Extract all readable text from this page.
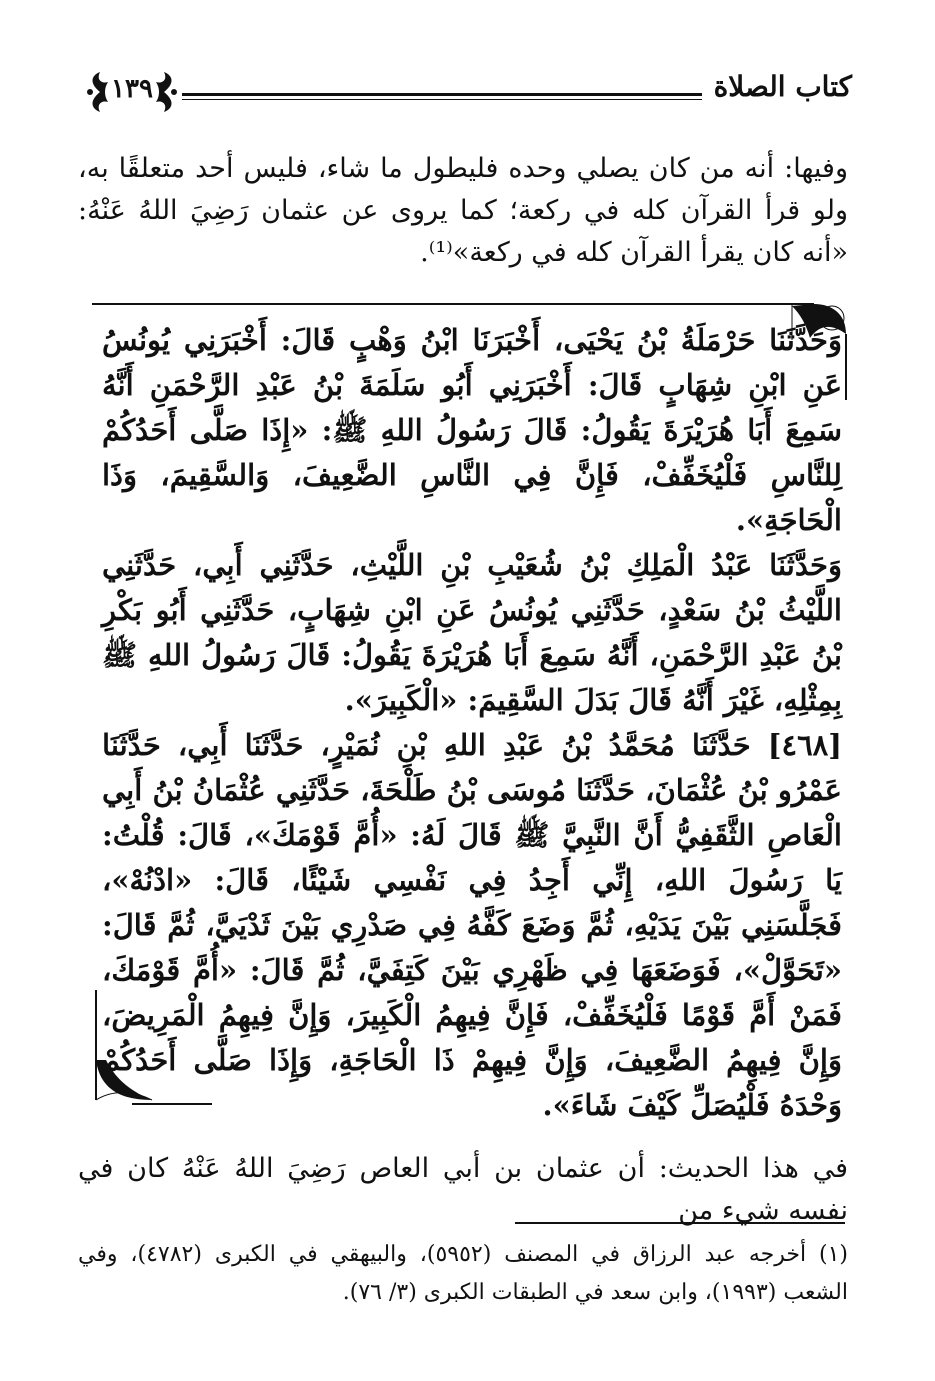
كتاب الصلاة
١٣٩
وفيها: أنه من كان يصلي وحده فليطول ما شاء، فليس أحد متعلقًا به، ولو قرأ القرآن كله في ركعة؛ كما يروى عن عثمان رَضِيَ اللهُ عَنْهُ: «أنه كان يقرأ القرآن كله في ركعة»⁽¹⁾.

وَحَدَّثَنَا حَرْمَلَةُ بْنُ يَحْيَى، أَخْبَرَنَا ابْنُ وَهْبٍ قَالَ: أَخْبَرَنِي يُونُسُ عَنِ ابْنِ شِهَابٍ قَالَ: أَخْبَرَنِي أَبُو سَلَمَةَ بْنُ عَبْدِ الرَّحْمَنِ أَنَّهُ سَمِعَ أَبَا هُرَيْرَةَ يَقُولُ: قَالَ رَسُولُ اللهِ ﷺ: «إِذَا صَلَّى أَحَدُكُمْ لِلنَّاسِ فَلْيُخَفِّفْ، فَإِنَّ فِي النَّاسِ الضَّعِيفَ، وَالسَّقِيمَ، وَذَا الْحَاجَةِ».

وَحَدَّثَنَا عَبْدُ الْمَلِكِ بْنُ شُعَيْبِ بْنِ اللَّيْثِ، حَدَّثَنِي أَبِي، حَدَّثَنِي اللَّيْثُ بْنُ سَعْدٍ، حَدَّثَنِي يُونُسُ عَنِ ابْنِ شِهَابٍ، حَدَّثَنِي أَبُو بَكْرِ بْنُ عَبْدِ الرَّحْمَنِ، أَنَّهُ سَمِعَ أَبَا هُرَيْرَةَ يَقُولُ: قَالَ رَسُولُ اللهِ ﷺ بِمِثْلِهِ، غَيْرَ أَنَّهُ قَالَ بَدَلَ السَّقِيمَ: «الْكَبِيرَ».

[٤٦٨] حَدَّثَنَا مُحَمَّدُ بْنُ عَبْدِ اللهِ بْنِ نُمَيْرٍ، حَدَّثَنَا أَبِي، حَدَّثَنَا عَمْرُو بْنُ عُثْمَانَ، حَدَّثَنَا مُوسَى بْنُ طَلْحَةَ، حَدَّثَنِي عُثْمَانُ بْنُ أَبِي الْعَاصِ الثَّقَفِيُّ أَنَّ النَّبِيَّ ﷺ قَالَ لَهُ: «أُمَّ قَوْمَكَ»، قَالَ: قُلْتُ: يَا رَسُولَ اللهِ، إِنِّي أَجِدُ فِي نَفْسِي شَيْئًا، قَالَ: «ادْنُهْ»، فَجَلَّسَنِي بَيْنَ يَدَيْهِ، ثُمَّ وَضَعَ كَفَّهُ فِي صَدْرِي بَيْنَ ثَدْيَيَّ، ثُمَّ قَالَ: «تَحَوَّلْ»، فَوَضَعَهَا فِي ظَهْرِي بَيْنَ كَتِفَيَّ، ثُمَّ قَالَ: «أُمَّ قَوْمَكَ، فَمَنْ أَمَّ قَوْمًا فَلْيُخَفِّفْ، فَإِنَّ فِيهِمُ الْكَبِيرَ، وَإِنَّ فِيهِمُ الْمَرِيضَ، وَإِنَّ فِيهِمُ الضَّعِيفَ، وَإِنَّ فِيهِمْ ذَا الْحَاجَةِ، وَإِذَا صَلَّى أَحَدُكُمْ وَحْدَهُ فَلْيُصَلِّ كَيْفَ شَاءَ».

في هذا الحديث: أن عثمان بن أبي العاص رَضِيَ اللهُ عَنْهُ كان في نفسه شيء من
(١) أخرجه عبد الرزاق في المصنف (٥٩٥٢)، والبيهقي في الكبرى (٤٧٨٢)، وفي الشعب (١٩٩٣)، وابن سعد في الطبقات الكبرى (٣/ ٧٦).
